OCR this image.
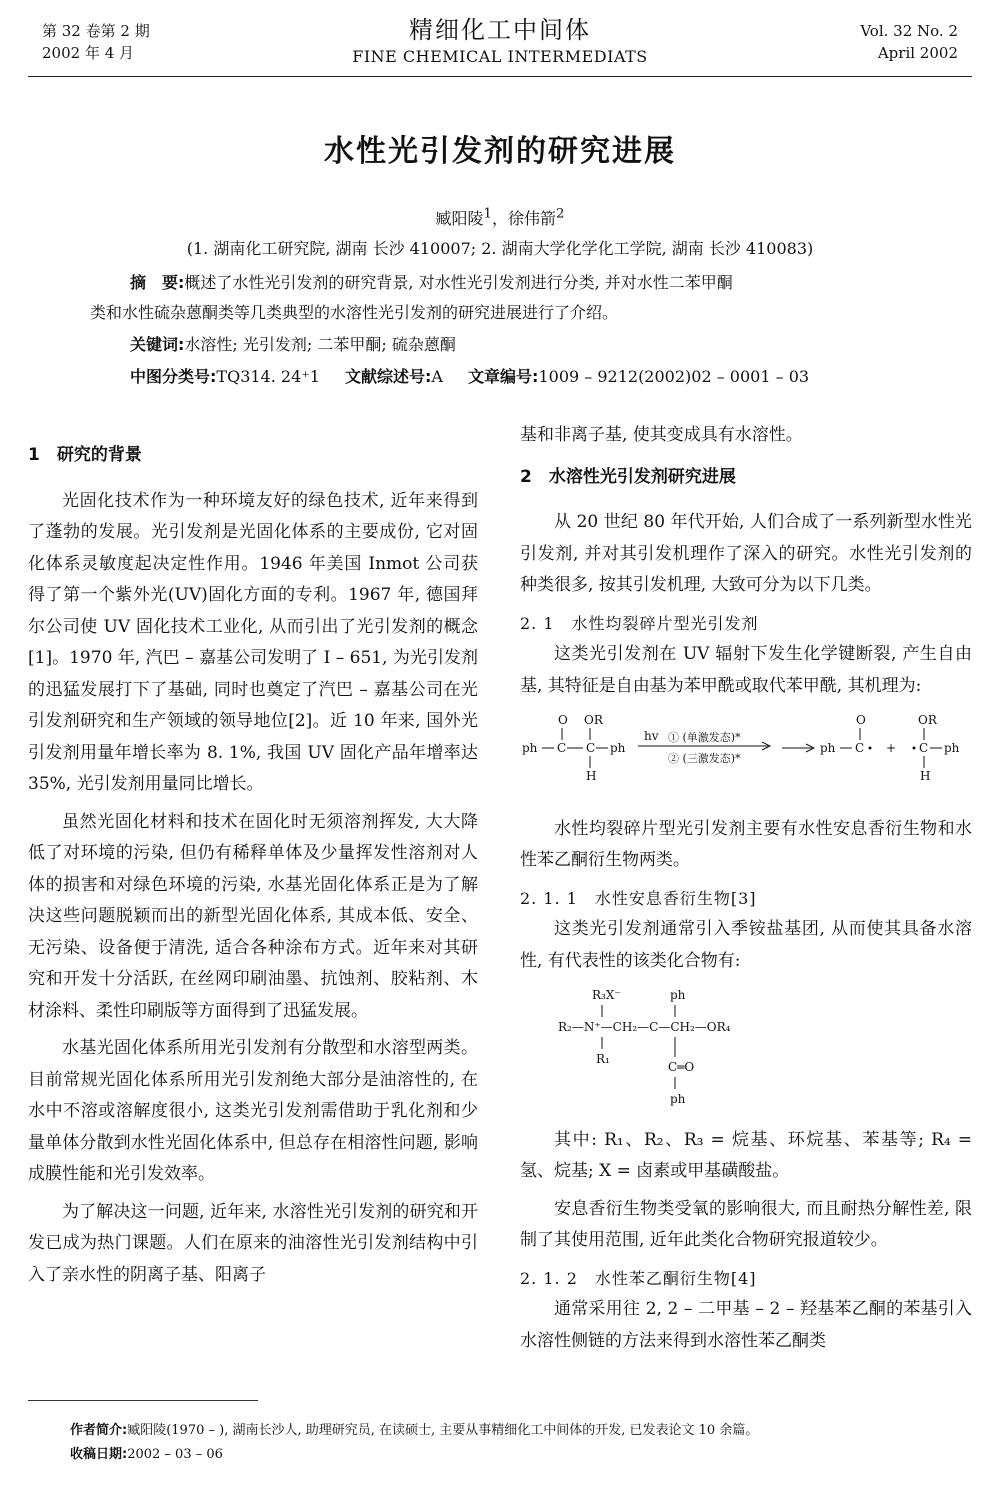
第 32 卷第 2 期
2002 年 4 月
精细化工中间体
FINE CHEMICAL INTERMEDIATS
Vol. 32 No. 2
April 2002
水性光引发剂的研究进展
臧阳陵$^1$，徐伟箭$^2$
(1. 湖南化工研究院, 湖南 长沙 410007; 2. 湖南大学化学化工学院, 湖南 长沙 410083)
摘　要:概述了水性光引发剂的研究背景, 对水性光引发剂进行分类, 并对水性二苯甲酮
类和水性硫杂蒽酮类等几类典型的水溶性光引发剂的研究进展进行了介绍。
关键词:水溶性; 光引发剂; 二苯甲酮; 硫杂蒽酮
中图分类号:TQ314. 24⁺1 文献综述号:A 文章编号:1009 – 9212(2002)02 – 0001 – 03
1　研究的背景

光固化技术作为一种环境友好的绿色技术, 近年来得到了蓬勃的发展。光引发剂是光固化体系的主要成份, 它对固化体系灵敏度起决定性作用。1946 年美国 Inmot 公司获得了第一个紫外光(UV)固化方面的专利。1967 年, 德国拜尔公司使 UV 固化技术工业化, 从而引出了光引发剂的概念[1]。1970 年, 汽巴 – 嘉基公司发明了 I – 651, 为光引发剂的迅猛发展打下了基础, 同时也奠定了汽巴 – 嘉基公司在光引发剂研究和生产领域的领导地位[2]。近 10 年来, 国外光引发剂用量年增长率为 8. 1%, 我国 UV 固化产品年增率达 35%, 光引发剂用量同比增长。

虽然光固化材料和技术在固化时无须溶剂挥发, 大大降低了对环境的污染, 但仍有稀释单体及少量挥发性溶剂对人体的损害和对绿色环境的污染, 水基光固化体系正是为了解决这些问题脱颖而出的新型光固化体系, 其成本低、安全、无污染、设备便于清洗, 适合各种涂布方式。近年来对其研究和开发十分活跃, 在丝网印刷油墨、抗蚀剂、胶粘剂、木材涂料、柔性印刷版等方面得到了迅猛发展。

水基光固化体系所用光引发剂有分散型和水溶型两类。目前常规光固化体系所用光引发剂绝大部分是油溶性的, 在水中不溶或溶解度很小, 这类光引发剂需借助于乳化剂和少量单体分散到水性光固化体系中, 但总存在相溶性问题, 影响成膜性能和光引发效率。

为了解决这一问题, 近年来, 水溶性光引发剂的研究和开发已成为热门课题。人们在原来的油溶性光引发剂结构中引入了亲水性的阴离子基、阳离子

基和非离子基, 使其变成具有水溶性。

2　水溶性光引发剂研究进展

从 20 世纪 80 年代开始, 人们合成了一系列新型水性光引发剂, 并对其引发机理作了深入的研究。水性光引发剂的种类很多, 按其引发机理, 大致可分为以下几类。

2. 1　水性均裂碎片型光引发剂

这类光引发剂在 UV 辐射下发生化学键断裂, 产生自由基, 其特征是自由基为苯甲酰或取代苯甲酰, 其机理为:

O OR
ph C C ph
H
hv ① (单激发态)*
② (三激发态)*
O
ph C +
OR
C ph
H

水性均裂碎片型光引发剂主要有水性安息香衍生物和水性苯乙酮衍生物两类。

2. 1. 1　水性安息香衍生物[3]

这类光引发剂通常引入季铵盐基团, 从而使其具备水溶性, 有代表性的该类化合物有:

R₃X⁻	ph
R₂—N⁺—CH₂—C—CH₂—OR₄
R₁
C═O
ph

其中: R₁、R₂、R₃ = 烷基、环烷基、苯基等; R₄ = 氢、烷基; X = 卤素或甲基磺酸盐。

安息香衍生物类受氧的影响很大, 而且耐热分解性差, 限制了其使用范围, 近年此类化合物研究报道较少。

2. 1. 2　水性苯乙酮衍生物[4]

通常采用往 2, 2 – 二甲基 – 2 – 羟基苯乙酮的苯基引入水溶性侧链的方法来得到水溶性苯乙酮类

作者简介:臧阳陵(1970 – ), 湖南长沙人, 助理研究员, 在读硕士, 主要从事精细化工中间体的开发, 已发表论文 10 余篇。
收稿日期:2002 – 03 – 06
